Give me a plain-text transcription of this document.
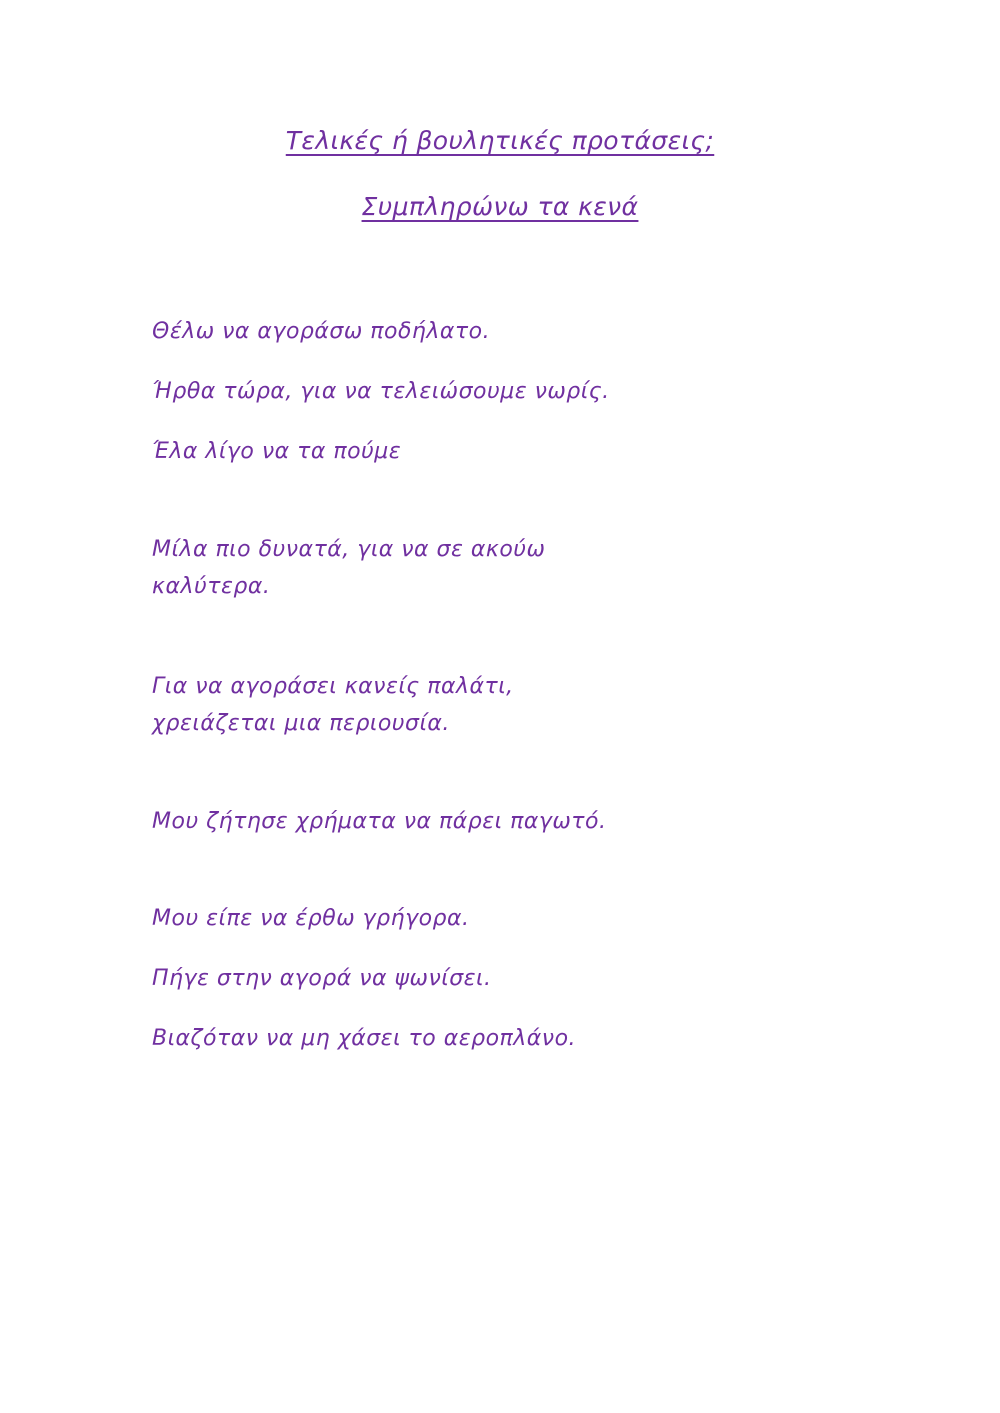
Τελικές ή βουλητικές προτάσεις;
Συμπληρώνω τα κενά
Θέλω να αγοράσω ποδήλατο.
Ήρθα τώρα, για να τελειώσουμε νωρίς.
Έλα λίγο να τα πούμε
Μίλα πιο δυνατά, για να σε ακούω
καλύτερα.
Για να αγοράσει κανείς παλάτι,
χρειάζεται μια περιουσία.
Μου ζήτησε χρήματα να πάρει παγωτό.
Μου είπε να έρθω γρήγορα.
Πήγε στην αγορά να ψωνίσει.
Βιαζόταν να μη χάσει το αεροπλάνο.
